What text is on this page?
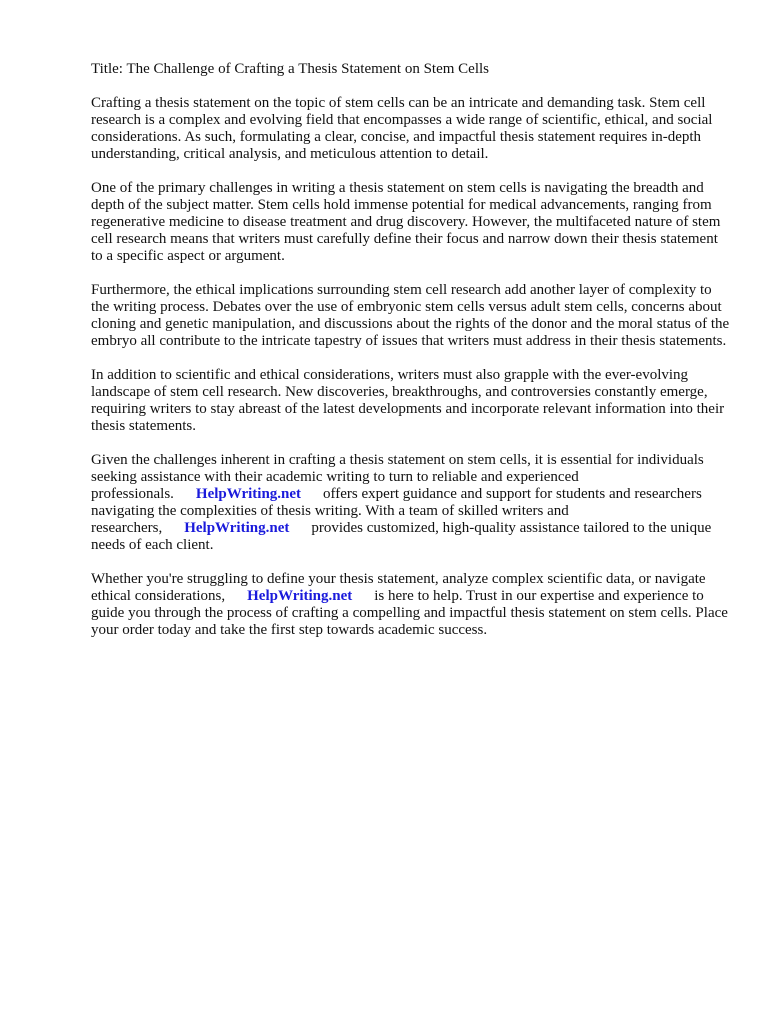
Title: The Challenge of Crafting a Thesis Statement on Stem Cells

Crafting a thesis statement on the topic of stem cells can be an intricate and demanding task. Stem cell research is a complex and evolving field that encompasses a wide range of scientific, ethical, and social considerations. As such, formulating a clear, concise, and impactful thesis statement requires in-depth understanding, critical analysis, and meticulous attention to detail.

One of the primary challenges in writing a thesis statement on stem cells is navigating the breadth and depth of the subject matter. Stem cells hold immense potential for medical advancements, ranging from regenerative medicine to disease treatment and drug discovery. However, the multifaceted nature of stem cell research means that writers must carefully define their focus and narrow down their thesis statement to a specific aspect or argument.

Furthermore, the ethical implications surrounding stem cell research add another layer of complexity to the writing process. Debates over the use of embryonic stem cells versus adult stem cells, concerns about cloning and genetic manipulation, and discussions about the rights of the donor and the moral status of the embryo all contribute to the intricate tapestry of issues that writers must address in their thesis statements.

In addition to scientific and ethical considerations, writers must also grapple with the ever-evolving landscape of stem cell research. New discoveries, breakthroughs, and controversies constantly emerge, requiring writers to stay abreast of the latest developments and incorporate relevant information into their thesis statements.

Given the challenges inherent in crafting a thesis statement on stem cells, it is essential for individuals seeking assistance with their academic writing to turn to reliable and experienced professionals. HelpWriting.net offers expert guidance and support for students and researchers navigating the complexities of thesis writing. With a team of skilled writers and researchers, HelpWriting.net provides customized, high-quality assistance tailored to the unique needs of each client.

Whether you're struggling to define your thesis statement, analyze complex scientific data, or navigate ethical considerations, HelpWriting.net is here to help. Trust in our expertise and experience to guide you through the process of crafting a compelling and impactful thesis statement on stem cells. Place your order today and take the first step towards academic success.
